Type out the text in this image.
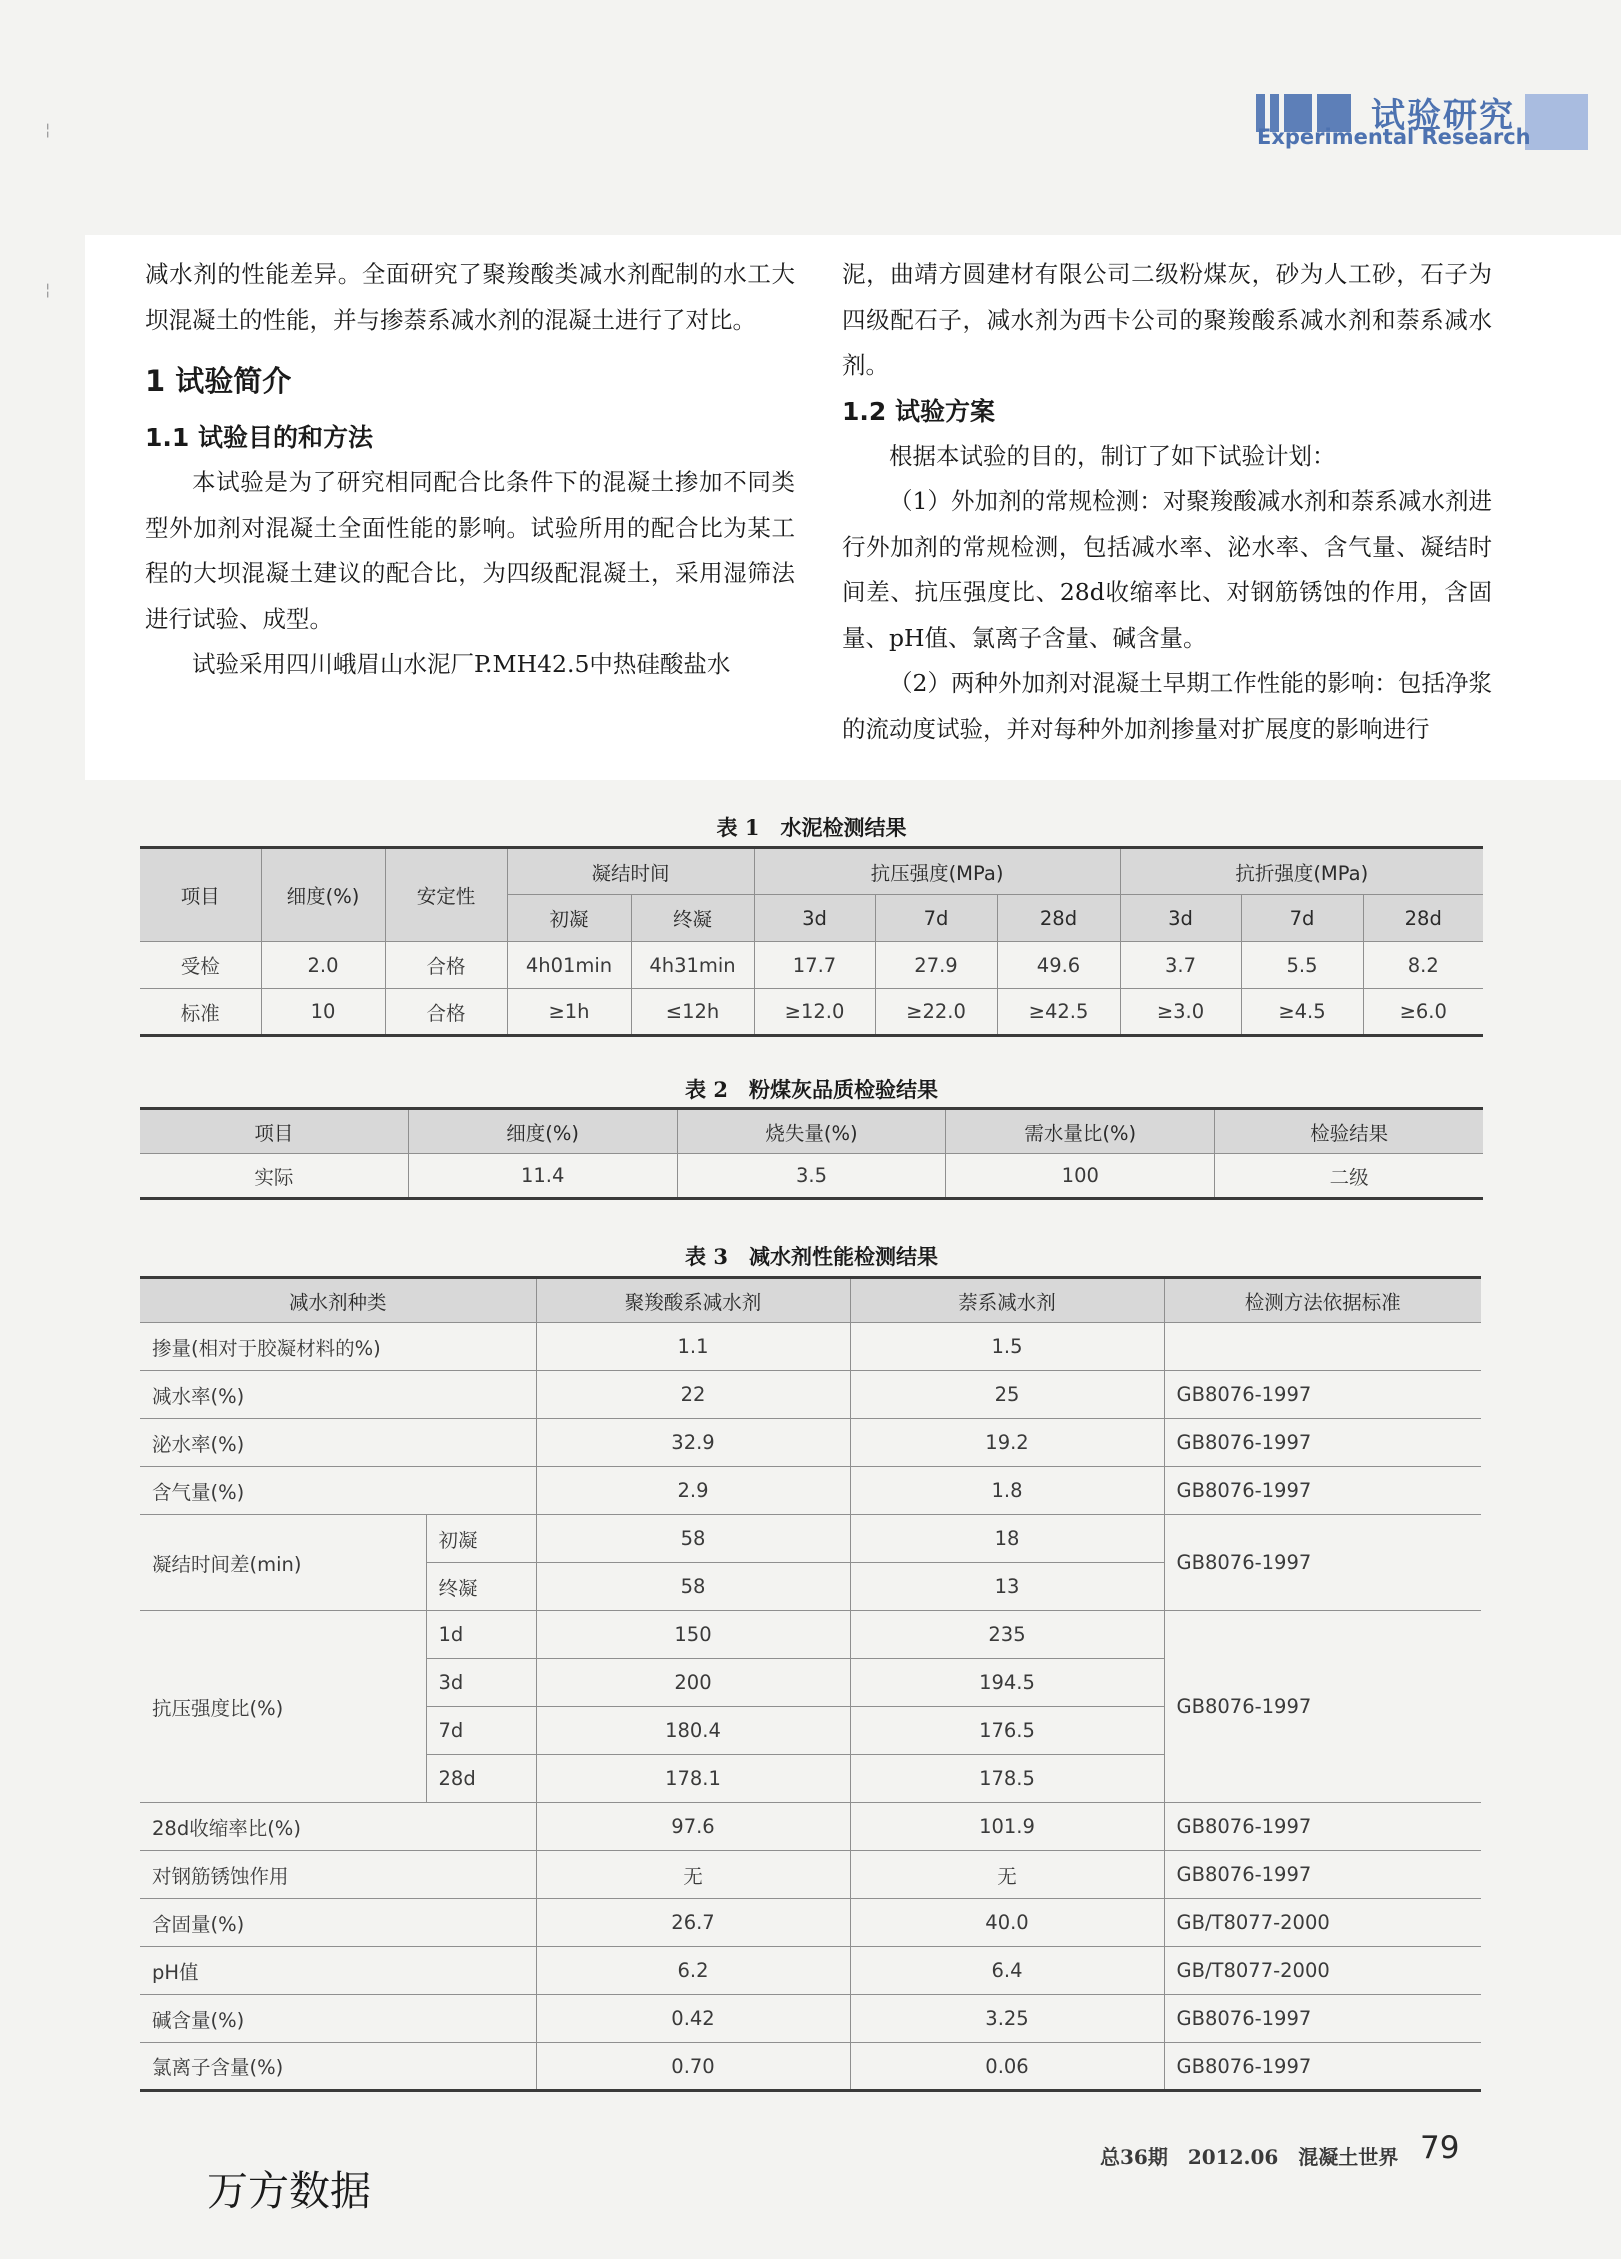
试验研究
Experimental Research
¦
¦

减水剂的性能差异。全面研究了聚羧酸类减水剂配制的水工大坝混凝土的性能，并与掺萘系减水剂的混凝土进行了对比。

1 试验简介

1.1 试验目的和方法

本试验是为了研究相同配合比条件下的混凝土掺加不同类型外加剂对混凝土全面性能的影响。试验所用的配合比为某工程的大坝混凝土建议的配合比，为四级配混凝土，采用湿筛法进行试验、成型。

试验采用四川峨眉山水泥厂P.MH42.5中热硅酸盐水

泥，曲靖方圆建材有限公司二级粉煤灰，砂为人工砂，石子为四级配石子，减水剂为西卡公司的聚羧酸系减水剂和萘系减水剂。

1.2 试验方案

根据本试验的目的，制订了如下试验计划：

（1）外加剂的常规检测：对聚羧酸减水剂和萘系减水剂进行外加剂的常规检测，包括减水率、泌水率、含气量、凝结时间差、抗压强度比、28d收缩率比、对钢筋锈蚀的作用，含固量、pH值、氯离子含量、碱含量。

（2）两种外加剂对混凝土早期工作性能的影响：包括净浆的流动度试验，并对每种外加剂掺量对扩展度的影响进行

表 1　水泥检测结果
项目	细度(%)	安定性	凝结时间		抗压强度(MPa)			抗折强度(MPa)		
			初凝	终凝	3d	7d	28d	3d	7d	28d
受检	2.0	合格	4h01min	4h31min	17.7	27.9	49.6	3.7	5.5	8.2
标准	10	合格	≥1h	≤12h	≥12.0	≥22.0	≥42.5	≥3.0	≥4.5	≥6.0
表 2　粉煤灰品质检验结果
项目	细度(%)	烧失量(%)	需水量比(%)	检验结果
实际	11.4	3.5	100	二级
表 3　减水剂性能检测结果
减水剂种类		聚羧酸系减水剂	萘系减水剂	检测方法依据标准
掺量(相对于胶凝材料的%)		1.1	1.5	
减水率(%)		22	25	GB8076-1997
泌水率(%)		32.9	19.2	GB8076-1997
含气量(%)		2.9	1.8	GB8076-1997
凝结时间差(min)	初凝	58	18	GB8076-1997
	终凝	58	13	
抗压强度比(%)	1d	150	235	GB8076-1997
	3d	200	194.5	
	7d	180.4	176.5	
	28d	178.1	178.5	
28d收缩率比(%)		97.6	101.9	GB8076-1997
对钢筋锈蚀作用		无	无	GB8076-1997
含固量(%)		26.7	40.0	GB/T8077-2000
pH值		6.2	6.4	GB/T8077-2000
碱含量(%)		0.42	3.25	GB8076-1997
氯离子含量(%)		0.70	0.06	GB8076-1997
总36期　2012.06　混凝土世界 79
万方数据
